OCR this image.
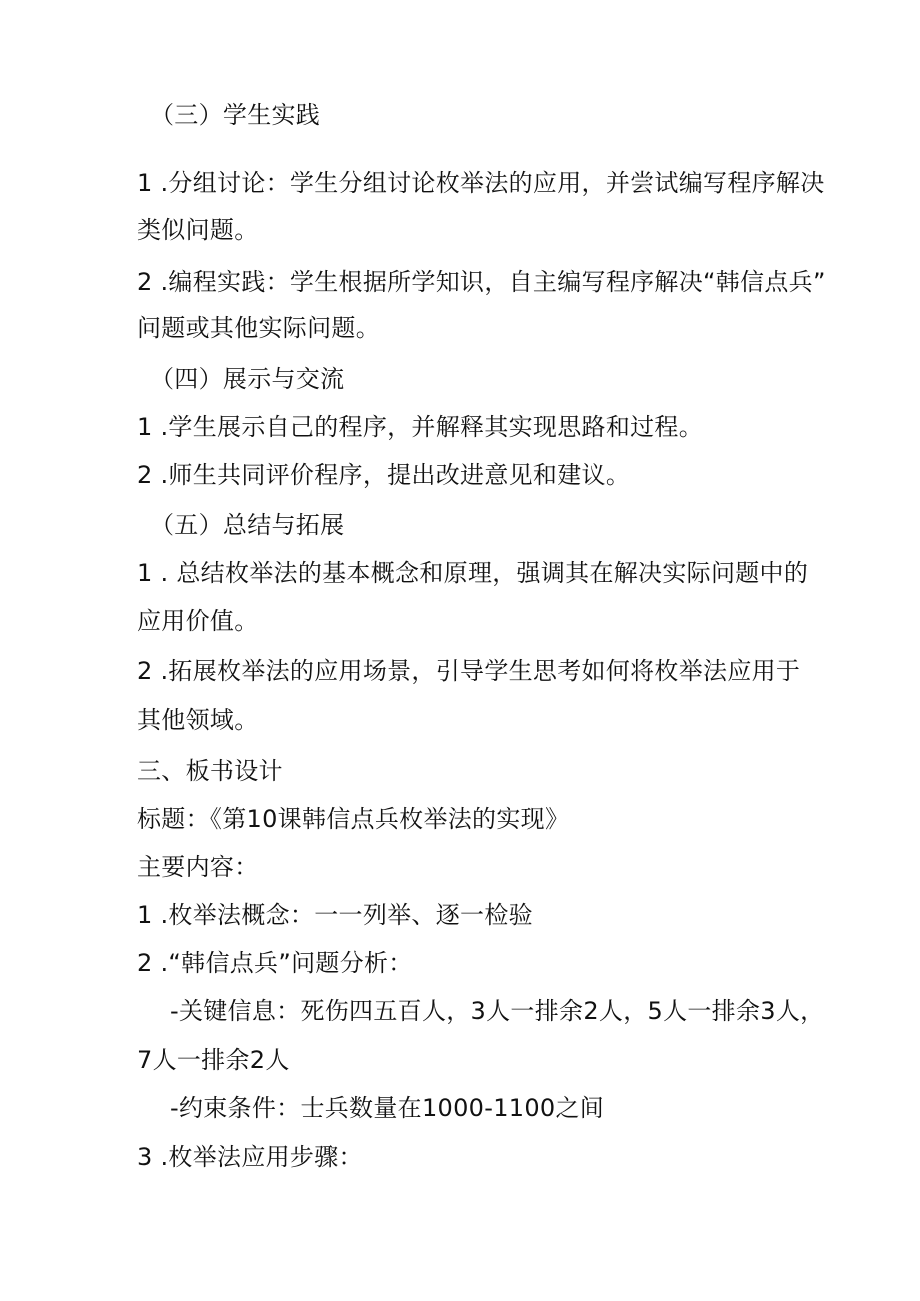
（三）学生实践
1 .分组讨论：学生分组讨论枚举法的应用，并尝试编写程序解决
类似问题。
2 .编程实践：学生根据所学知识，自主编写程序解决“韩信点兵”
问题或其他实际问题。
（四）展示与交流
1 .学生展示自己的程序，并解释其实现思路和过程。
2 .师生共同评价程序，提出改进意见和建议。
（五）总结与拓展
1 . 总结枚举法的基本概念和原理，强调其在解决实际问题中的
应用价值。
2 .拓展枚举法的应用场景，引导学生思考如何将枚举法应用于
其他领域。
三、板书设计
标题：《第10课韩信点兵枚举法的实现》
主要内容：
1 .枚举法概念：一一列举、逐一检验
2 .“韩信点兵”问题分析：
-关键信息：死伤四五百人，3人一排余2人，5人一排余3人，
7人一排余2人
-约束条件：士兵数量在1000-1100之间
3 .枚举法应用步骤：
